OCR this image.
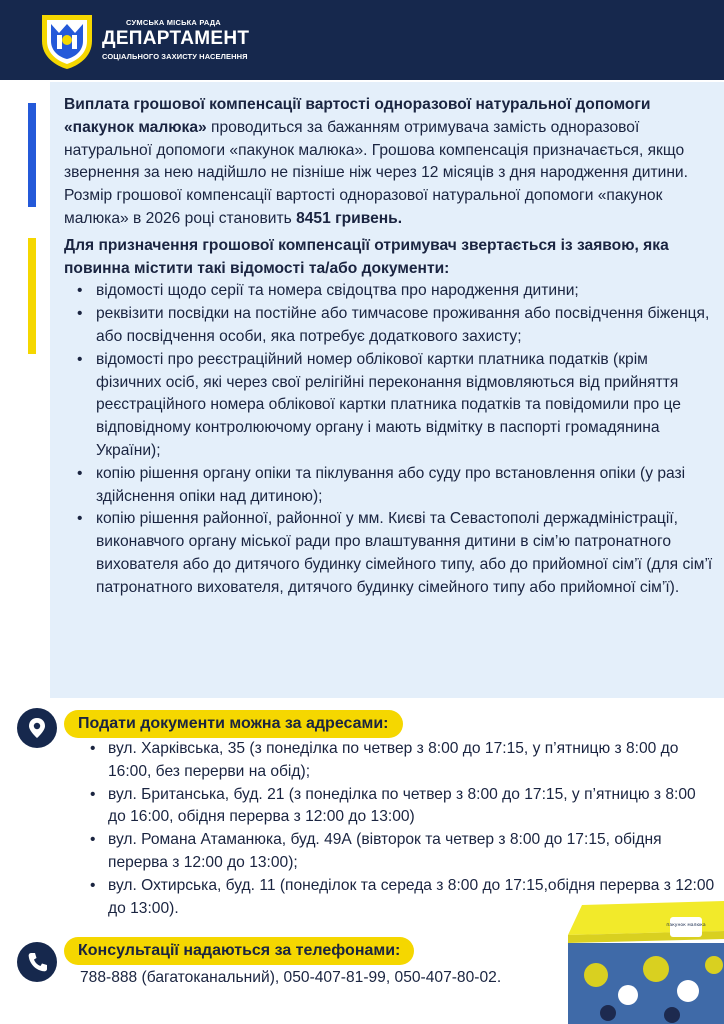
СУМСЬКА МІСЬКА РАДА
ДЕПАРТАМЕНТ
СОЦІАЛЬНОГО ЗАХИСТУ НАСЕЛЕННЯ

Виплата грошової компенсації вартості одноразової натуральної допомоги «пакунок малюка» проводиться за бажанням отримувача замість одноразової натуральної допомоги «пакунок малюка». Грошова компенсація призначається, якщо звернення за нею надійшло не пізніше ніж через 12 місяців з дня народження дитини.

Розмір грошової компенсації вартості одноразової натуральної допомоги «пакунок малюка» в 2026 році становить 8451 гривень.

Для призначення грошової компенсації отримувач звертається із заявою, яка повинна містити такі відомості та/або документи:

• відомості щодо серії та номера свідоцтва про народження дитини;
• реквізити посвідки на постійне або тимчасове проживання або посвідчення біженця, або посвідчення особи, яка потребує додаткового захисту;
• відомості про реєстраційний номер облікової картки платника податків (крім фізичних осіб, які через свої релігійні переконання відмовляються від прийняття реєстраційного номера облікової картки платника податків та повідомили про це відповідному контролюючому органу і мають відмітку в паспорті громадянина України);
• копію рішення органу опіки та піклування або суду про встановлення опіки (у разі здійснення опіки над дитиною);
• копію рішення районної, районної у мм. Києві та Севастополі держадміністрації, виконавчого органу міської ради про влаштування дитини в сім’ю патронатного вихователя або до дитячого будинку сімейного типу, або до прийомної сім’ї (для сім’ї патронатного вихователя, дитячого будинку сімейного типу або прийомної сім’ї).
Подати документи можна за адресами:
• вул. Харківська, 35 (з понеділка по четвер з 8:00 до 17:15, у п’ятницю з 8:00 до 16:00, без перерви на обід);
• вул. Британська, буд. 21 (з понеділка по четвер з 8:00 до 17:15, у п’ятницю з 8:00 до 16:00, обідня перерва з 12:00 до 13:00)
• вул. Романа Атаманюка, буд. 49А (вівторок та четвер з 8:00 до 17:15, обідня перерва з 12:00 до 13:00);
• вул. Охтирська, буд. 11 (понеділок та середа з 8:00 до 17:15,обідня перерва з 12:00 до 13:00).
Консультації надаються за телефонами:
788-888 (багатоканальний), 050-407-81-99, 050-407-80-02.
пакунок малюка
